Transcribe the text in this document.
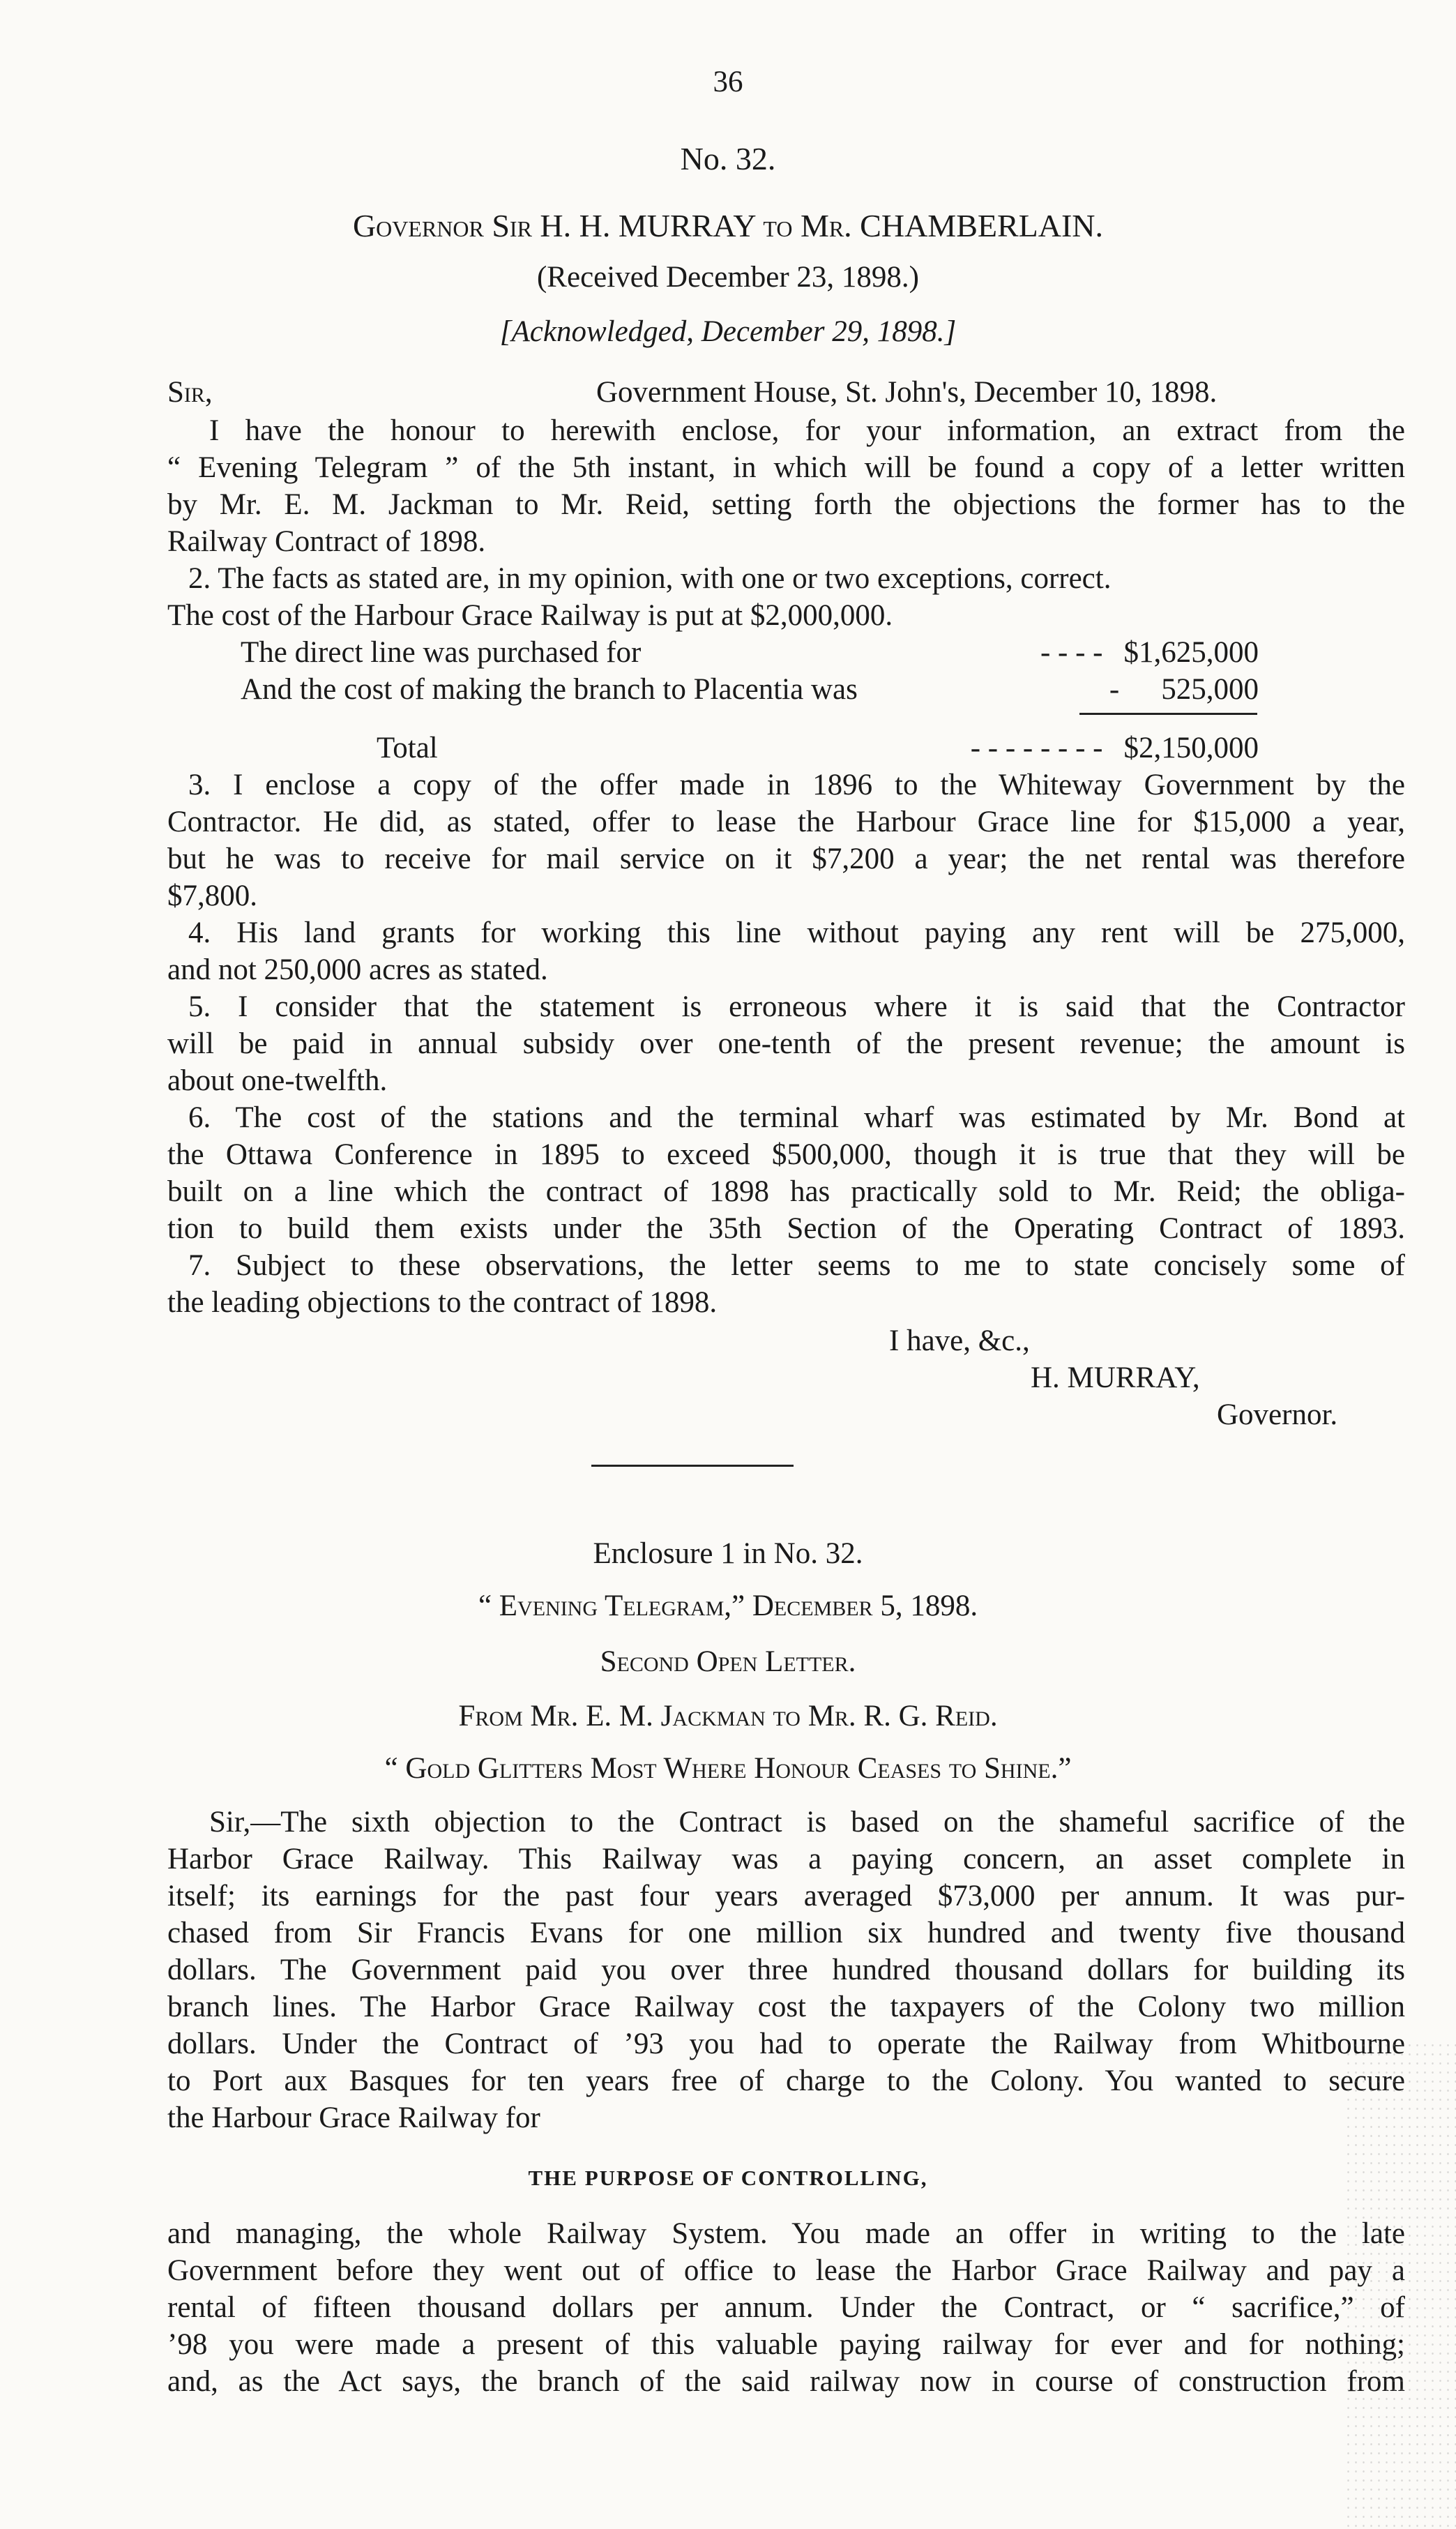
36
No. 32.
Governor Sir H. H. MURRAY to Mr. CHAMBERLAIN.
(Received December 23, 1898.)
[Acknowledged, December 29, 1898.]
Sir,	Government House, St. John's, December 10, 1898.
I have the honour to herewith enclose, for your information, an extract from the
“ Evening Telegram ” of the 5th instant, in which will be found a copy of a letter written
by Mr. E. M. Jackman to Mr. Reid, setting forth the objections the former has to the
Railway Contract of 1898.
2. The facts as stated are, in my opinion, with one or two exceptions, correct.
The cost of the Harbour Grace Railway is put at $2,000,000.
The direct line was purchased for	- - - - $1,625,000
And the cost of making the branch to Placentia was	- 525,000
Total	- - - - - - - - $2,150,000
3. I enclose a copy of the offer made in 1896 to the Whiteway Government by the
Contractor. He did, as stated, offer to lease the Harbour Grace line for $15,000 a year,
but he was to receive for mail service on it $7,200 a year; the net rental was therefore
$7,800.
4. His land grants for working this line without paying any rent will be 275,000,
and not 250,000 acres as stated.
5. I consider that the statement is erroneous where it is said that the Contractor
will be paid in annual subsidy over one-tenth of the present revenue; the amount is
about one-twelfth.
6. The cost of the stations and the terminal wharf was estimated by Mr. Bond at
the Ottawa Conference in 1895 to exceed $500,000, though it is true that they will be
built on a line which the contract of 1898 has practically sold to Mr. Reid; the obliga-
tion to build them exists under the 35th Section of the Operating Contract of 1893.
7. Subject to these observations, the letter seems to me to state concisely some of
the leading objections to the contract of 1898.
I have, &c.,
H. MURRAY,
Governor.
Enclosure 1 in No. 32.
“ Evening Telegram,” December 5, 1898.
Second Open Letter.
From Mr. E. M. Jackman to Mr. R. G. Reid.
“ Gold Glitters Most Where Honour Ceases to Shine.”
Sir,—The sixth objection to the Contract is based on the shameful sacrifice of the
Harbor Grace Railway. This Railway was a paying concern, an asset complete in
itself; its earnings for the past four years averaged $73,000 per annum. It was pur-
chased from Sir Francis Evans for one million six hundred and twenty five thousand
dollars. The Government paid you over three hundred thousand dollars for building its
branch lines. The Harbor Grace Railway cost the taxpayers of the Colony two million
dollars. Under the Contract of ’93 you had to operate the Railway from Whitbourne
to Port aux Basques for ten years free of charge to the Colony. You wanted to secure
the Harbour Grace Railway for
THE PURPOSE OF CONTROLLING,
and managing, the whole Railway System. You made an offer in writing to the late
Government before they went out of office to lease the Harbor Grace Railway and pay a
rental of fifteen thousand dollars per annum. Under the Contract, or “ sacrifice,” of
’98 you were made a present of this valuable paying railway for ever and for nothing;
and, as the Act says, the branch of the said railway now in course of construction from
